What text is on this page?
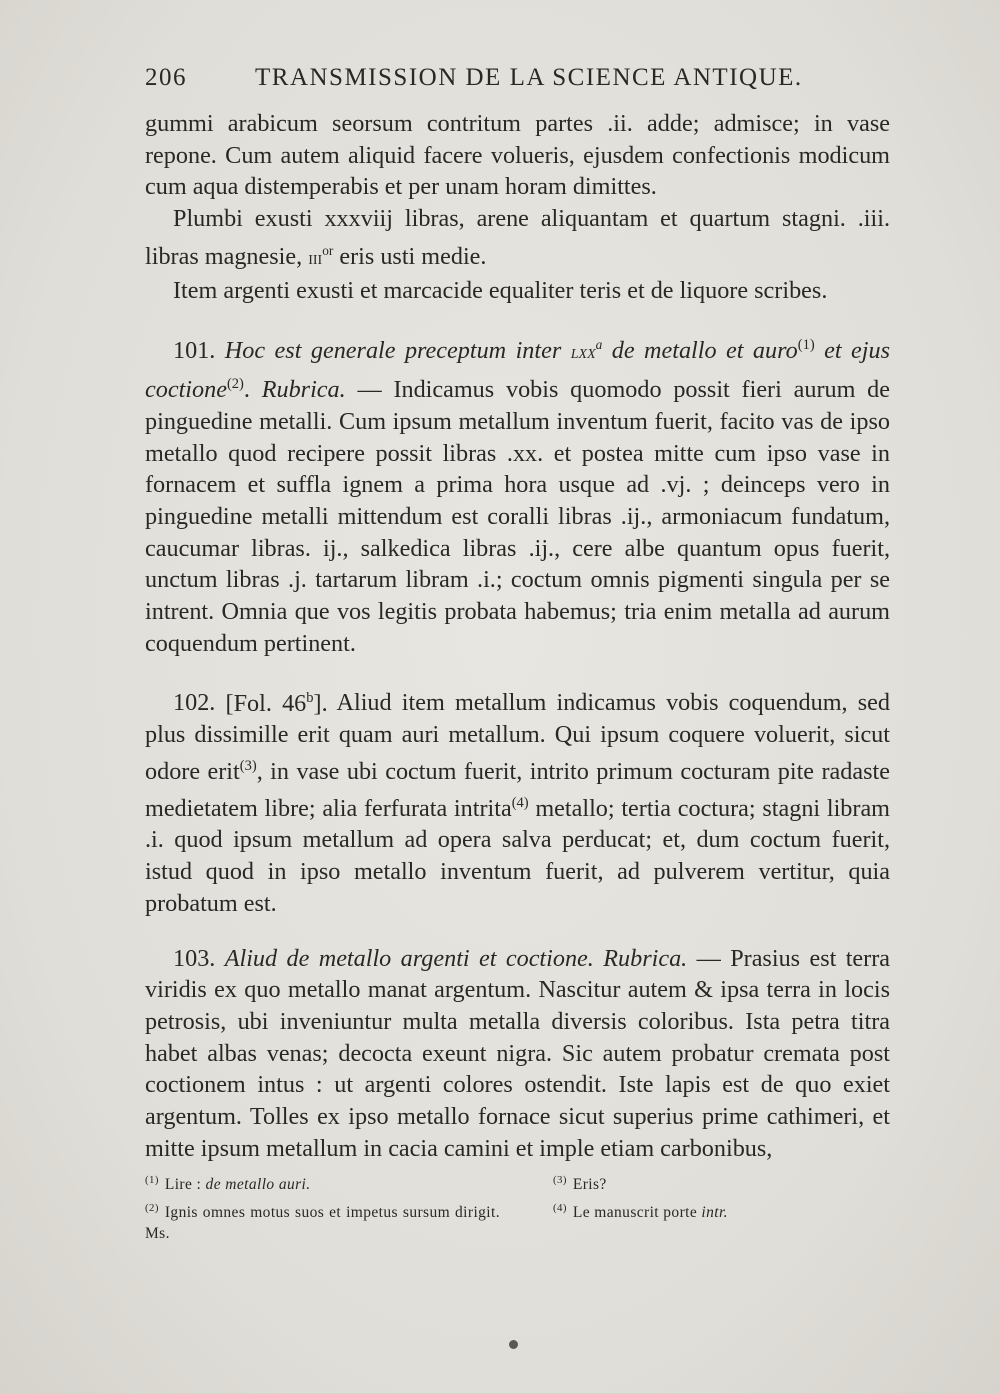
206	TRANSMISSION DE LA SCIENCE ANTIQUE.

gummi arabicum seorsum contritum partes .ii. adde; admisce; in vase repone. Cum autem aliquid facere volueris, ejusdem confectionis modicum cum aqua distemperabis et per unam horam dimittes.

Plumbi exusti xxxviij libras, arene aliquantam et quartum stagni. .iii. libras magnesie, iii$^{or}$ eris usti medie.

Item argenti exusti et marcacide equaliter teris et de liquore scribes.

101. Hoc est generale preceptum inter lxx$^a$ de metallo et auro$^{(1)}$ et ejus coctione$^{(2)}$. Rubrica. — Indicamus vobis quomodo possit fieri aurum de pinguedine metalli. Cum ipsum metallum inventum fuerit, facito vas de ipso metallo quod recipere possit libras .xx. et postea mitte cum ipso vase in fornacem et suffla ignem a prima hora usque ad .vj. ; deinceps vero in pinguedine metalli mittendum est coralli libras .ij., armoniacum fundatum, caucumar libras. ij., salkedica libras .ij., cere albe quantum opus fuerit, unctum libras .j. tartarum libram .i.; coctum omnis pigmenti singula per se intrent. Omnia que vos legitis probata habemus; tria enim metalla ad aurum coquendum pertinent.

102. [Fol. 46$^b$]. Aliud item metallum indicamus vobis coquendum, sed plus dissimille erit quam auri metallum. Qui ipsum coquere voluerit, sicut odore erit$^{(3)}$, in vase ubi coctum fuerit, intrito primum cocturam pite radaste medietatem libre; alia ferfurata intrita$^{(4)}$ metallo; tertia coctura; stagni libram .i. quod ipsum metallum ad opera salva perducat; et, dum coctum fuerit, istud quod in ipso metallo inventum fuerit, ad pulverem vertitur, quia probatum est.

103. Aliud de metallo argenti et coctione. Rubrica. — Prasius est terra viridis ex quo metallo manat argentum. Nascitur autem & ipsa terra in locis petrosis, ubi inveniuntur multa metalla diversis coloribus. Ista petra titra habet albas venas; decocta exeunt nigra. Sic autem probatur cremata post coctionem intus : ut argenti colores ostendit. Iste lapis est de quo exiet argentum. Tolles ex ipso metallo fornace sicut superius prime cathimeri, et mitte ipsum metallum in cacia camini et imple etiam carbonibus,

$^{(1)}$ Lire : de metallo auri.

$^{(2)}$ Ignis omnes motus suos et impetus sursum dirigit. Ms.

$^{(3)}$ Eris?

$^{(4)}$ Le manuscrit porte intr.
